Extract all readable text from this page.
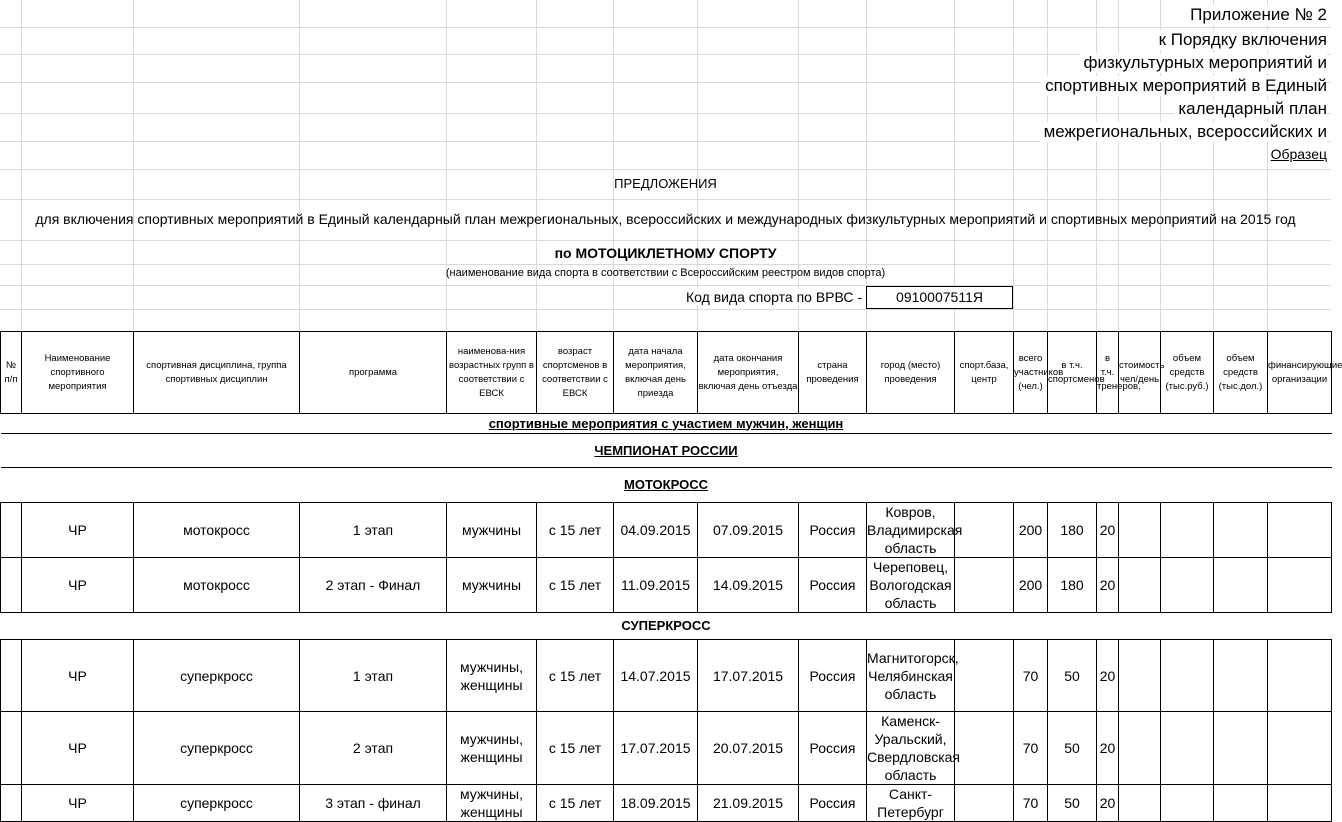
Приложение № 2
к Порядку включения
физкультурных мероприятий и
спортивных мероприятий в Единый
календарный план
межрегиональных, всероссийских и
Образец
ПРЕДЛОЖЕНИЯ
для включения спортивных мероприятий в Единый календарный план межрегиональных, всероссийских и международных физкультурных мероприятий и спортивных мероприятий на 2015 год
по МОТОЦИКЛЕТНОМУ СПОРТУ
(наименование вида спорта в соответствии с Всероссийским реестром видов спорта)
Код вида спорта по ВРВС -	0910007511Я
№ п/п	Наименование спортивного мероприятия	спортивная дисциплина, группа спортивных дисциплин	программа	наименова-ния возрастных групп в соответствии с ЕВСК	возраст спортсменов в соответствии с ЕВСК	дата начала мероприятия, включая день приезда	дата окончания мероприятия, включая день отъезда	страна проведения	город (место) проведения	спорт.база, центр	всего участников (чел.)	в т.ч. спортсменов	в т.ч. тренеров,	стоимость чел/день	объем средств (тыс.руб.)	объем средств (тыс.дол.)	финансирующие организации
спортивные мероприятия с участием мужчин, женщин																	
ЧЕМПИОНАТ РОССИИ																	
МОТОКРОСС																	
	ЧР	мотокросс	1 этап	мужчины	с 15 лет	04.09.2015	07.09.2015	Россия	Ковров, Владимирская область		200	180	20				
	ЧР	мотокросс	2 этап - Финал	мужчины	с 15 лет	11.09.2015	14.09.2015	Россия	Череповец, Вологодская область		200	180	20				
СУПЕРКРОСС																	
	ЧР	суперкросс	1 этап	мужчины, женщины	с 15 лет	14.07.2015	17.07.2015	Россия	Магнитогорск, Челябинская область		70	50	20				
	ЧР	суперкросс	2 этап	мужчины, женщины	с 15 лет	17.07.2015	20.07.2015	Россия	Каменск-Уральский, Свердловская область		70	50	20				
	ЧР	суперкросс	3 этап - финал	мужчины, женщины	с 15 лет	18.09.2015	21.09.2015	Россия	Санкт-Петербург		70	50	20				
